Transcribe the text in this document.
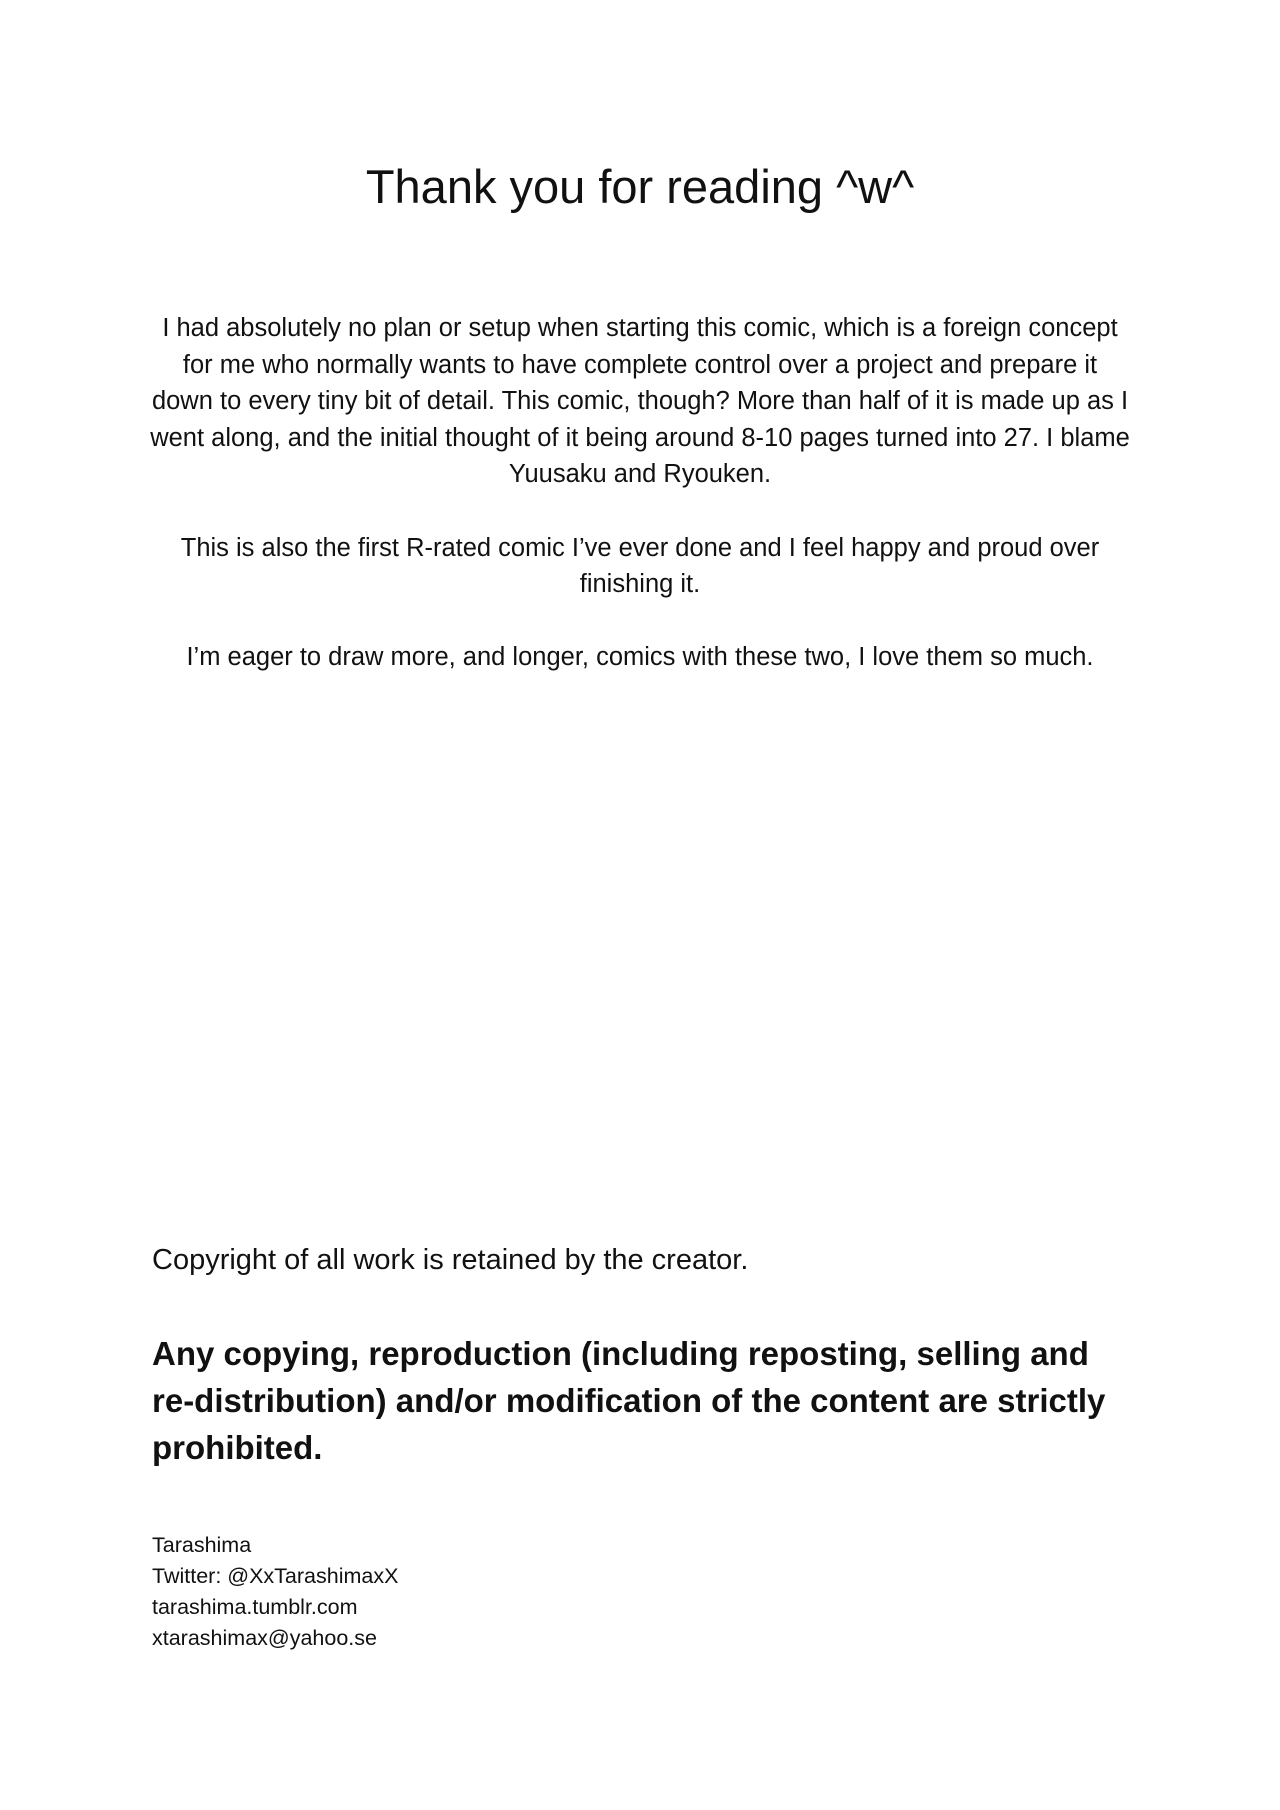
Thank you for reading ^w^

I had absolutely no plan or setup when starting this comic, which is a foreign concept for me who normally wants to have complete control over a project and prepare it down to every tiny bit of detail. This comic, though? More than half of it is made up as I went along, and the initial thought of it being around 8-10 pages turned into 27. I blame Yuusaku and Ryouken.

This is also the first R-rated comic I’ve ever done and I feel happy and proud over finishing it.

I’m eager to draw more, and longer, comics with these two, I love them so much.

Copyright of all work is retained by the creator.

Any copying, reproduction (including reposting, selling and re-distribution) and/or modification of the content are strictly prohibited.

Tarashima
Twitter: @XxTarashimaxX
tarashima.tumblr.com
xtarashimax@yahoo.se
